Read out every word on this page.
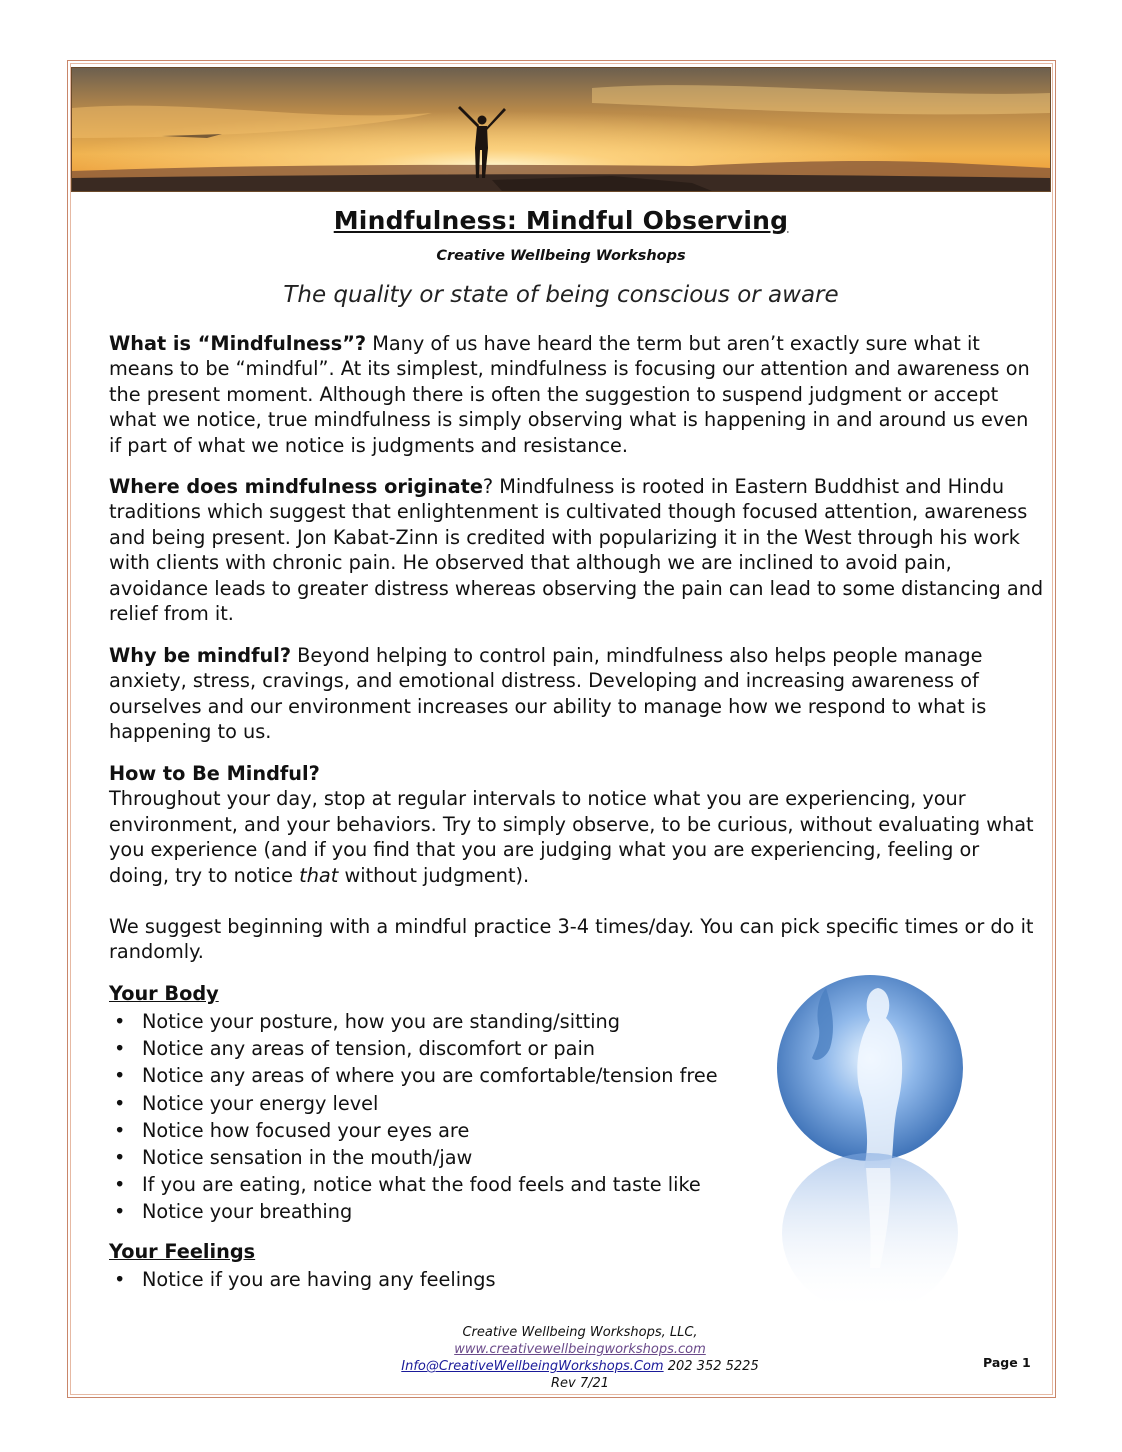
Mindfulness: Mindful Observing
Creative Wellbeing Workshops
The quality or state of being conscious or aware

What is “Mindfulness”? Many of us have heard the term but aren’t exactly sure what it means to be “mindful”. At its simplest, mindfulness is focusing our attention and awareness on the present moment. Although there is often the suggestion to suspend judgment or accept what we notice, true mindfulness is simply observing what is happening in and around us even if part of what we notice is judgments and resistance.

Where does mindfulness originate? Mindfulness is rooted in Eastern Buddhist and Hindu traditions which suggest that enlightenment is cultivated though focused attention, awareness and being present. Jon Kabat-Zinn is credited with popularizing it in the West through his work with clients with chronic pain. He observed that although we are inclined to avoid pain, avoidance leads to greater distress whereas observing the pain can lead to some distancing and relief from it.

Why be mindful? Beyond helping to control pain, mindfulness also helps people manage anxiety, stress, cravings, and emotional distress. Developing and increasing awareness of ourselves and our environment increases our ability to manage how we respond to what is happening to us.

How to Be Mindful?

Throughout your day, stop at regular intervals to notice what you are experiencing, your environment, and your behaviors. Try to simply observe, to be curious, without evaluating what you experience (and if you find that you are judging what you are experiencing, feeling or doing, try to notice that without judgment).

We suggest beginning with a mindful practice 3-4 times/day. You can pick specific times or do it randomly.

Your Body
• Notice your posture, how you are standing/sitting
• Notice any areas of tension, discomfort or pain
• Notice any areas of where you are comfortable/tension free
• Notice your energy level
• Notice how focused your eyes are
• Notice sensation in the mouth/jaw
• If you are eating, notice what the food feels and taste like
• Notice your breathing
Your Feelings
• Notice if you are having any feelings
Creative Wellbeing Workshops, LLC,
www.creativewellbeingworkshops.com
Info@CreativeWellbeingWorkshops.Com 202 352 5225
Rev 7/21
Page 1
